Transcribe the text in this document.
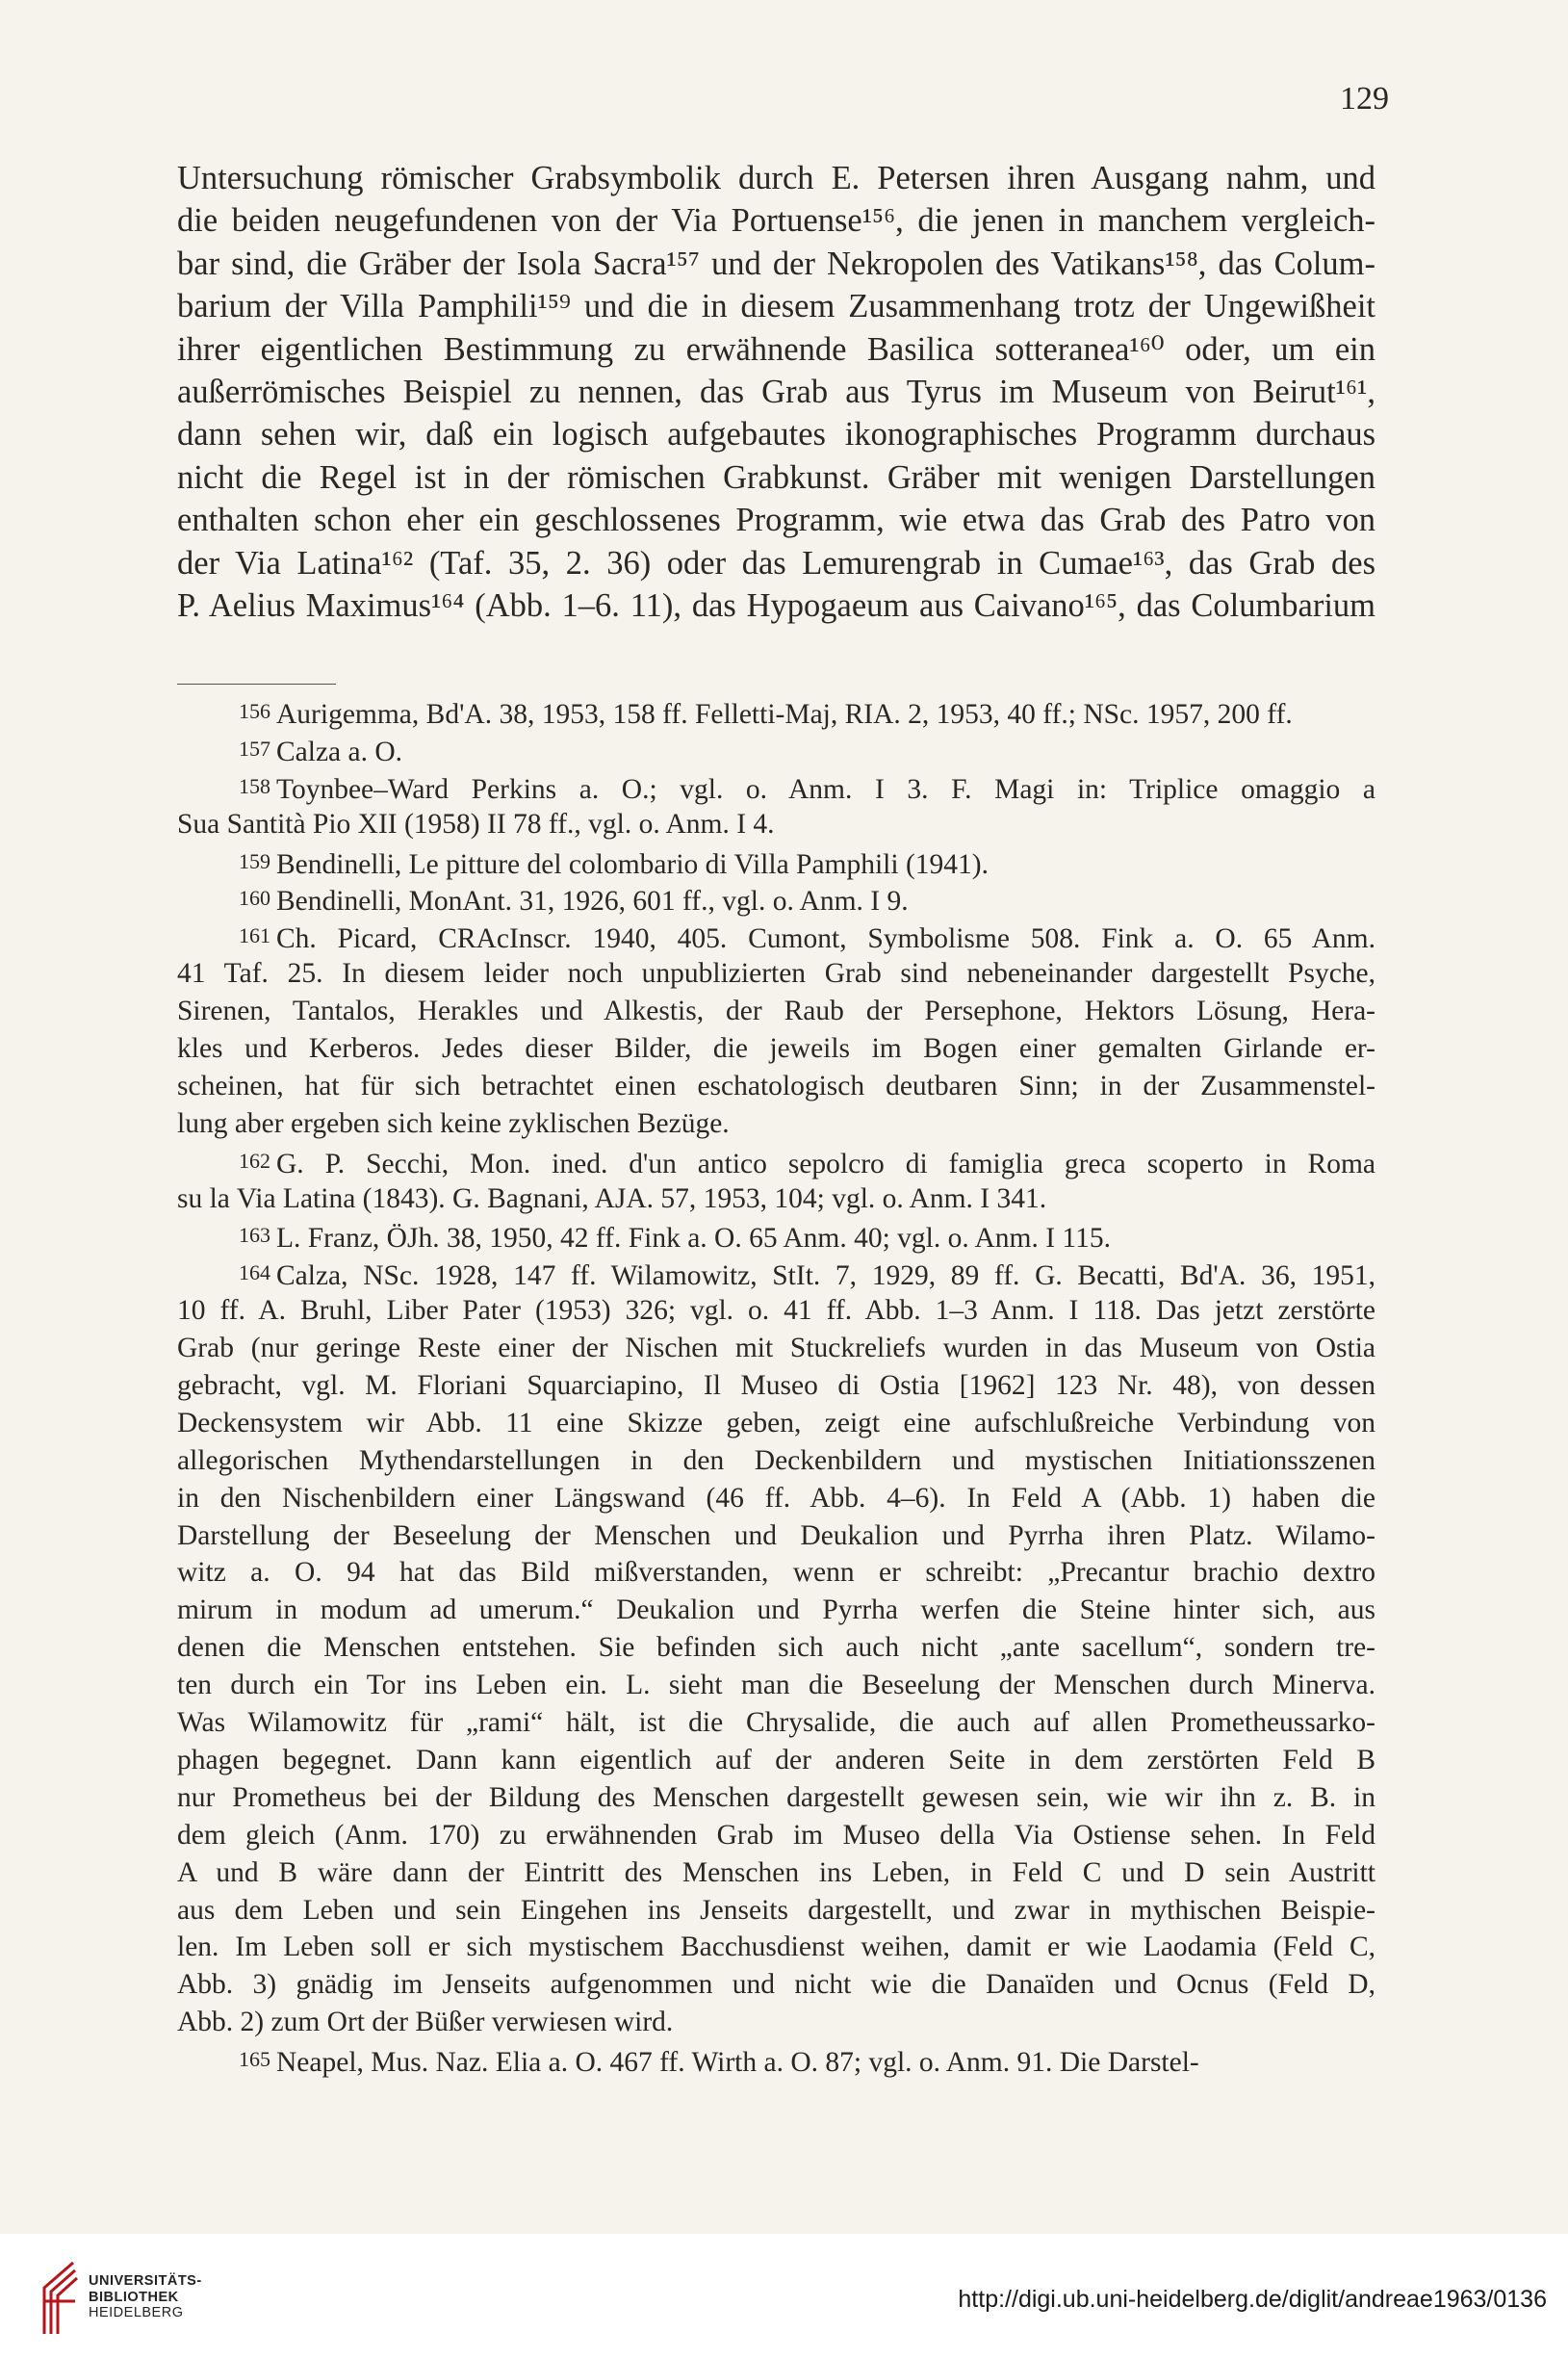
129
Untersuchung römischer Grabsymbolik durch E. Petersen ihren Ausgang nahm, und
die beiden neugefundenen von der Via Portuense¹⁵⁶, die jenen in manchem vergleich-
bar sind, die Gräber der Isola Sacra¹⁵⁷ und der Nekropolen des Vatikans¹⁵⁸, das Colum-
barium der Villa Pamphili¹⁵⁹ und die in diesem Zusammenhang trotz der Ungewißheit
ihrer eigentlichen Bestimmung zu erwähnende Basilica sotteranea¹⁶⁰ oder, um ein
außerrömisches Beispiel zu nennen, das Grab aus Tyrus im Museum von Beirut¹⁶¹,
dann sehen wir, daß ein logisch aufgebautes ikonographisches Programm durchaus
nicht die Regel ist in der römischen Grabkunst. Gräber mit wenigen Darstellungen
enthalten schon eher ein geschlossenes Programm, wie etwa das Grab des Patro von
der Via Latina¹⁶² (Taf. 35, 2. 36) oder das Lemurengrab in Cumae¹⁶³, das Grab des
P. Aelius Maximus¹⁶⁴ (Abb. 1–6. 11), das Hypogaeum aus Caivano¹⁶⁵, das Columbarium
156 Aurigemma, Bd'A. 38, 1953, 158 ff. Felletti-Maj, RIA. 2, 1953, 40 ff.; NSc. 1957, 200 ff.
157 Calza a. O.
158 Toynbee–Ward Perkins a. O.; vgl. o. Anm. I 3. F. Magi in: Triplice omaggio a
Sua Santità Pio XII (1958) II 78 ff., vgl. o. Anm. I 4.
159 Bendinelli, Le pitture del colombario di Villa Pamphili (1941).
160 Bendinelli, MonAnt. 31, 1926, 601 ff., vgl. o. Anm. I 9.
161 Ch. Picard, CRAcInscr. 1940, 405. Cumont, Symbolisme 508. Fink a. O. 65 Anm.
41 Taf. 25. In diesem leider noch unpublizierten Grab sind nebeneinander dargestellt Psyche,
Sirenen, Tantalos, Herakles und Alkestis, der Raub der Persephone, Hektors Lösung, Hera-
kles und Kerberos. Jedes dieser Bilder, die jeweils im Bogen einer gemalten Girlande er-
scheinen, hat für sich betrachtet einen eschatologisch deutbaren Sinn; in der Zusammenstel-
lung aber ergeben sich keine zyklischen Bezüge.
162 G. P. Secchi, Mon. ined. d'un antico sepolcro di famiglia greca scoperto in Roma
su la Via Latina (1843). G. Bagnani, AJA. 57, 1953, 104; vgl. o. Anm. I 341.
163 L. Franz, ÖJh. 38, 1950, 42 ff. Fink a. O. 65 Anm. 40; vgl. o. Anm. I 115.
164 Calza, NSc. 1928, 147 ff. Wilamowitz, StIt. 7, 1929, 89 ff. G. Becatti, Bd'A. 36, 1951,
10 ff. A. Bruhl, Liber Pater (1953) 326; vgl. o. 41 ff. Abb. 1–3 Anm. I 118. Das jetzt zerstörte
Grab (nur geringe Reste einer der Nischen mit Stuckreliefs wurden in das Museum von Ostia
gebracht, vgl. M. Floriani Squarciapino, Il Museo di Ostia [1962] 123 Nr. 48), von dessen
Deckensystem wir Abb. 11 eine Skizze geben, zeigt eine aufschlußreiche Verbindung von
allegorischen Mythendarstellungen in den Deckenbildern und mystischen Initiationsszenen
in den Nischenbildern einer Längswand (46 ff. Abb. 4–6). In Feld A (Abb. 1) haben die
Darstellung der Beseelung der Menschen und Deukalion und Pyrrha ihren Platz. Wilamo-
witz a. O. 94 hat das Bild mißverstanden, wenn er schreibt: „Precantur brachio dextro
mirum in modum ad umerum.“ Deukalion und Pyrrha werfen die Steine hinter sich, aus
denen die Menschen entstehen. Sie befinden sich auch nicht „ante sacellum“, sondern tre-
ten durch ein Tor ins Leben ein. L. sieht man die Beseelung der Menschen durch Minerva.
Was Wilamowitz für „rami“ hält, ist die Chrysalide, die auch auf allen Prometheussarko-
phagen begegnet. Dann kann eigentlich auf der anderen Seite in dem zerstörten Feld B
nur Prometheus bei der Bildung des Menschen dargestellt gewesen sein, wie wir ihn z. B. in
dem gleich (Anm. 170) zu erwähnenden Grab im Museo della Via Ostiense sehen. In Feld
A und B wäre dann der Eintritt des Menschen ins Leben, in Feld C und D sein Austritt
aus dem Leben und sein Eingehen ins Jenseits dargestellt, und zwar in mythischen Beispie-
len. Im Leben soll er sich mystischem Bacchusdienst weihen, damit er wie Laodamia (Feld C,
Abb. 3) gnädig im Jenseits aufgenommen und nicht wie die Danaïden und Ocnus (Feld D,
Abb. 2) zum Ort der Büßer verwiesen wird.
165 Neapel, Mus. Naz. Elia a. O. 467 ff. Wirth a. O. 87; vgl. o. Anm. 91. Die Darstel-
UNIVERSITÄTS-
BIBLIOTHEK
HEIDELBERG	http://digi.ub.uni-heidelberg.de/diglit/andreae1963/0136
